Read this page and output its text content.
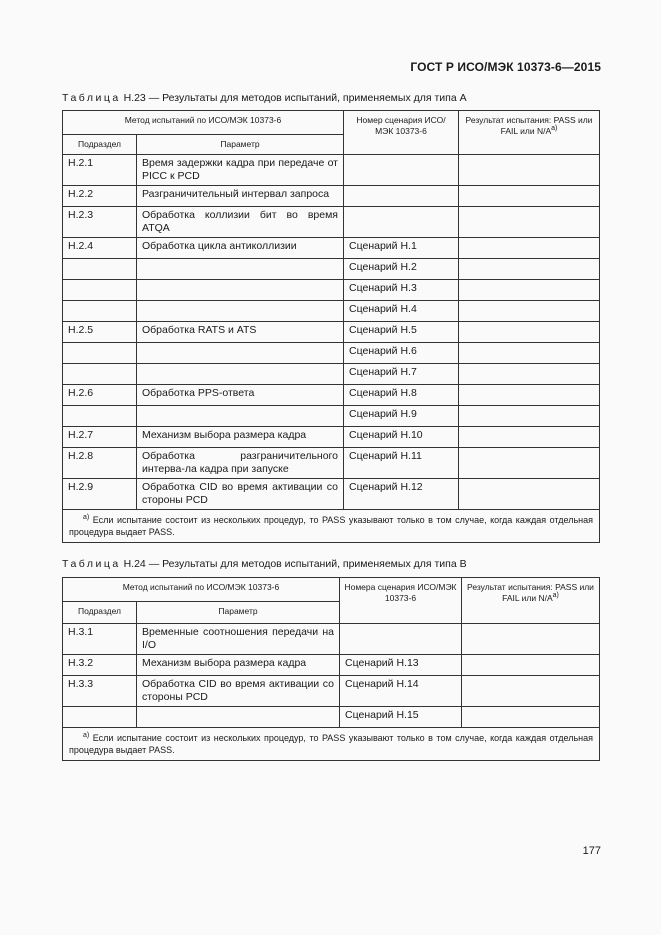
ГОСТ Р ИСО/МЭК 10373-6—2015
Таблица Н.23 — Результаты для методов испытаний, применяемых для типа А
Метод испытаний по ИСО/МЭК 10373-6		Номер сценария ИСО/МЭК 10373-6	Результат испытания: PASS или FAIL или $N/A^{а)}$
Подраздел	Параметр		
Н.2.1	Время задержки кадра при передаче от PICC к PCD		
Н.2.2	Разграничительный интервал запроса		
Н.2.3	Обработка коллизии бит во время ATQA		
Н.2.4	Обработка цикла антиколлизии	Сценарий Н.1	
		Сценарий Н.2	
		Сценарий Н.3	
		Сценарий Н.4	
Н.2.5	Обработка RATS и ATS	Сценарий Н.5	
		Сценарий Н.6	
		Сценарий Н.7	
Н.2.6	Обработка PPS-ответа	Сценарий Н.8	
		Сценарий Н.9	
Н.2.7	Механизм выбора размера кадра	Сценарий Н.10	
Н.2.8	Обработка разграничительного интерва-ла кадра при запуске	Сценарий Н.11	
Н.2.9	Обработка CID во время активации со стороны PCD	Сценарий Н.12	
$^{а)}$ Если испытание состоит из нескольких процедур, то PASS указывают только в том случае, когда каждая отдельная процедура выдает PASS.			
Таблица Н.24 — Результаты для методов испытаний, применяемых для типа В
Метод испытаний по ИСО/МЭК 10373-6		Номера сценария ИСО/МЭК 10373-6	Результат испытания: PASS или FAIL или $N/A^{а)}$
Подраздел	Параметр		
Н.3.1	Временные соотношения передачи на I/O		
Н.3.2	Механизм выбора размера кадра	Сценарий Н.13	
Н.3.3	Обработка CID во время активации со стороны PCD	Сценарий Н.14	
		Сценарий Н.15	
$^{а)}$ Если испытание состоит из нескольких процедур, то PASS указывают только в том случае, когда каждая отдельная процедура выдает PASS.			
177
